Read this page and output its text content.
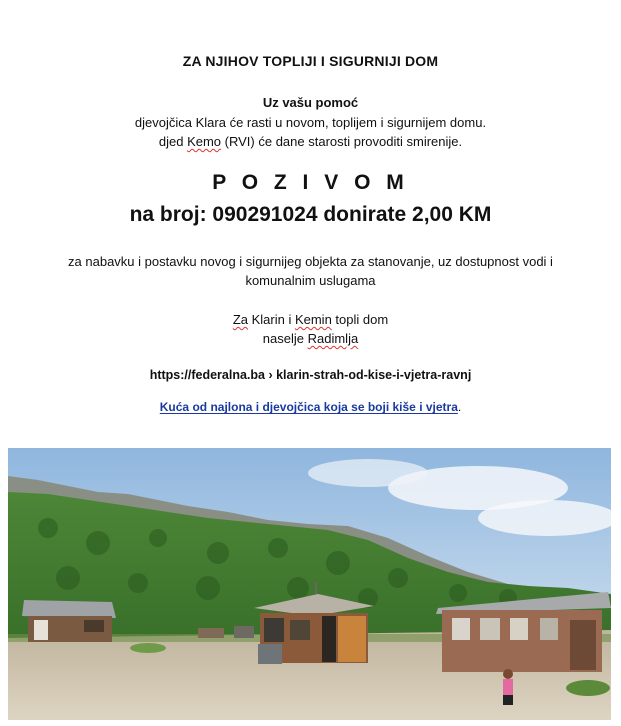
ZA NJIHOV TOPLIJI I SIGURNIJI DOM
Uz vašu pomoć
djevojčica Klara će rasti u novom, toplijem i sigurnijem domu.
djed Kemo (RVI) će dane starosti provoditi smirenije.
P O Z I V O M
na broj: 090291024 donirate 2,00 KM
za nabavku i postavku novog i sigurnijeg objekta za stanovanje, uz dostupnost vodi i
komunalnim uslugama
Za Klarin i Kemin topli dom
naselje Radimlja
https://federalna.ba › klarin-strah-od-kise-i-vjetra-ravnj
Kuća od najlona i djevojčica koja se boji kiše i vjetra.
